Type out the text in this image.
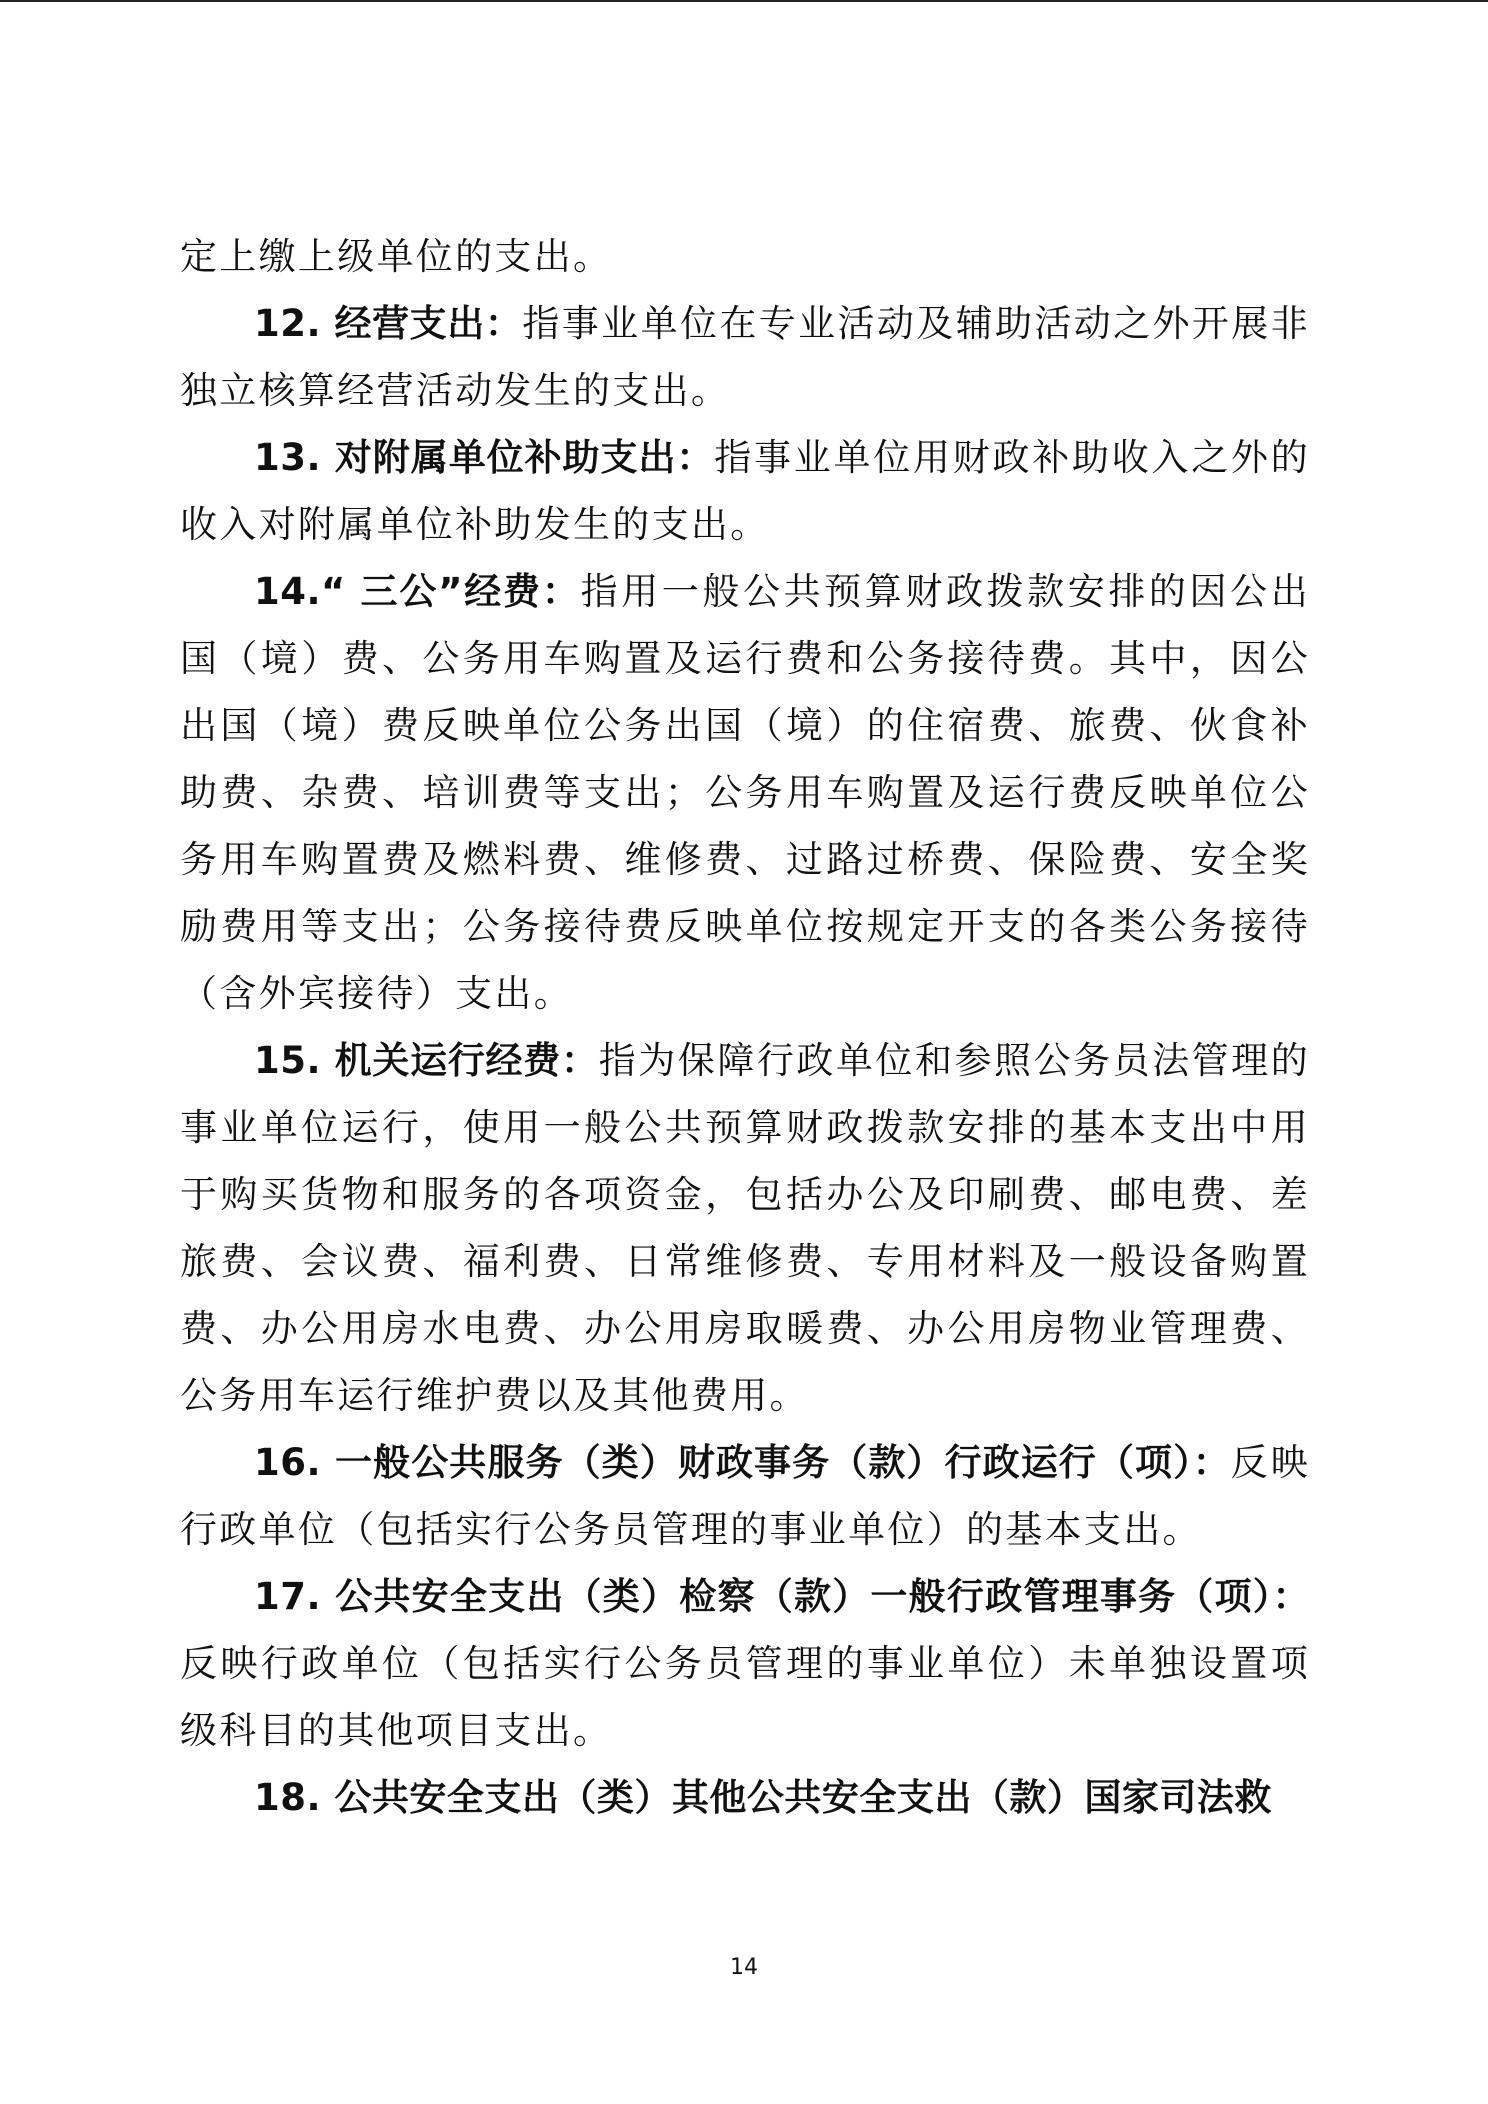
定上缴上级单位的支出。

12. 经营支出：指事业单位在专业活动及辅助活动之外开展非独立核算经营活动发生的支出。

13. 对附属单位补助支出：指事业单位用财政补助收入之外的收入对附属单位补助发生的支出。

14.“ 三公”经费：指用一般公共预算财政拨款安排的因公出国（境）费、公务用车购置及运行费和公务接待费。其中，因公出国（境）费反映单位公务出国（境）的住宿费、旅费、伙食补助费、杂费、培训费等支出；公务用车购置及运行费反映单位公务用车购置费及燃料费、维修费、过路过桥费、保险费、安全奖励费用等支出；公务接待费反映单位按规定开支的各类公务接待（含外宾接待）支出。

15. 机关运行经费：指为保障行政单位和参照公务员法管理的事业单位运行，使用一般公共预算财政拨款安排的基本支出中用于购买货物和服务的各项资金，包括办公及印刷费、邮电费、差旅费、会议费、福利费、日常维修费、专用材料及一般设备购置费、办公用房水电费、办公用房取暖费、办公用房物业管理费、公务用车运行维护费以及其他费用。

16. 一般公共服务（类）财政事务（款）行政运行（项）：反映行政单位（包括实行公务员管理的事业单位）的基本支出。

17. 公共安全支出（类）检察（款）一般行政管理事务（项）：反映行政单位（包括实行公务员管理的事业单位）未单独设置项级科目的其他项目支出。

18. 公共安全支出（类）其他公共安全支出（款）国家司法救

14
